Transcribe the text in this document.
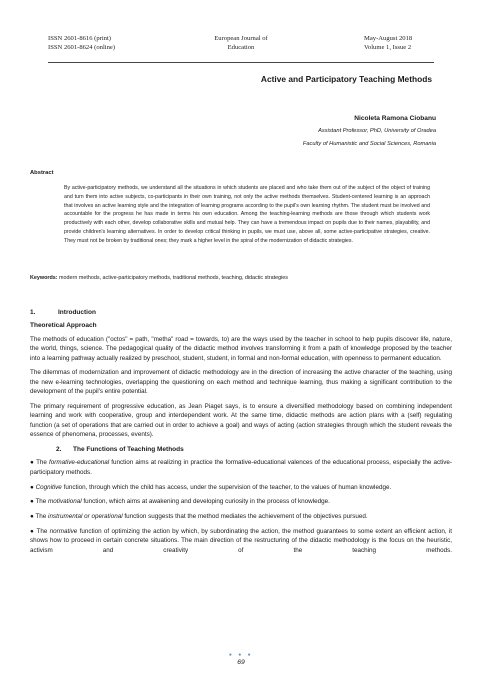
ISSN 2601-8616 (print)
ISSN 2601-8624 (online)
European Journal of
Education
May-August 2018
Volume 1, Issue 2
Active and Participatory Teaching Methods
Nicoleta Ramona Ciobanu
Assistant Professor, PhD, University of Oradea
Faculty of Humanistic and Social Sciences, Romania
Abstract
By active-participatory methods, we understand all the situations in which students are placed and who take them out of the subject of the object of training and turn them into active subjects, co-participants in their own training, not only the active methods themselves. Student-centered learning is an approach that involves an active learning style and the integration of learning programs according to the pupil's own learning rhythm. The student must be involved and accountable for the progress he has made in terms his own education. Among the teaching-learning methods are those through which students work productively with each other, develop collaborative skills and mutual help. They can have a tremendous impact on pupils due to their names, playability, and provide children's learning alternatives. In order to develop critical thinking in pupils, we must use, above all, some active-participative strategies, creative. They must not be broken by traditional ones; they mark a higher level in the spiral of the modernization of didactic strategies.
Keywords: modern methods, active-participatory methods, traditional methods, teaching, didactic strategies
1.	Introduction
Theoretical Approach

The methods of education ("octos" = path, "metha" road = towards, to) are the ways used by the teacher in school to help pupils discover life, nature, the world, things, science. The pedagogical quality of the didactic method involves transforming it from a path of knowledge proposed by the teacher into a learning pathway actually realized by preschool, student, student, in formal and non-formal education, with openness to permanent education.

The dilemmas of modernization and improvement of didactic methodology are in the direction of increasing the active character of the teaching, using the new e-learning technologies, overlapping the questioning on each method and technique learning, thus making a significant contribution to the development of the pupil's entire potential.

The primary requirement of progressive education, as Jean Piaget says, is to ensure a diversified methodology based on combining independent learning and work with cooperative, group and interdependent work. At the same time, didactic methods are action plans with a (self) regulating function (a set of operations that are carried out in order to achieve a goal) and ways of acting (action strategies through which the student reveals the essence of phenomena, processes, events).

2. The Functions of Teaching Methods

● The formative-educational function aims at realizing in practice the formative-educational valences of the educational process, especially the active-participatory methods.

● Cognitive function, through which the child has access, under the supervision of the teacher, to the values of human knowledge.

● The motivational function, which aims at awakening and developing curiosity in the process of knowledge.

● The instrumental or operational function suggests that the method mediates the achievement of the objectives pursued.

● The normative function of optimizing the action by which, by subordinating the action, the method guarantees to some extent an efficient action, it shows how to proceed in certain concrete situations. The main direction of the restructuring of the didactic methodology is the focus on the heuristic, activism and creativity of the teaching methods.

● ● ●
69
